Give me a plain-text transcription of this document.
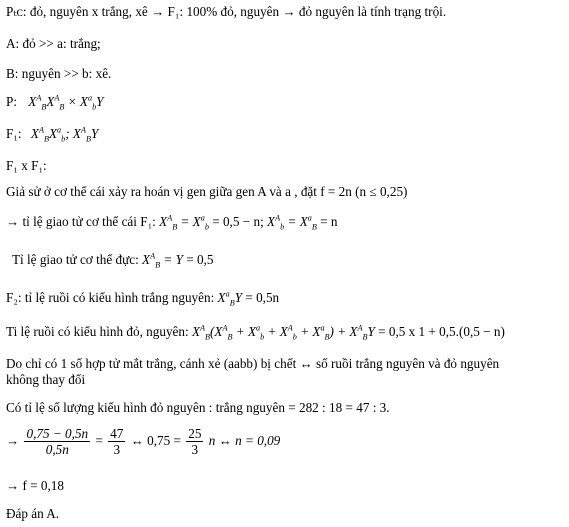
Pₜᴄ: đỏ, nguyên x trắng, xê → F₁: 100% đỏ, nguyên → đỏ nguyên là tính trạng trội.
A: đỏ >> a: trắng;
B: nguyên >> b: xê.
P: $X^A_BX^A_B \times X^a_bY$
F₁: $X^A_BX^a_b$; $X^A_BY$
F₁ x F₁:
Giả sử ở cơ thể cái xảy ra hoán vị gen giữa gen A và a , đặt f = 2n (n ≤ 0,25)
→ tỉ lệ giao tử cơ thể cái F₁: $X^A_B = X^a_b = 0,5 - n$; $X^A_b = X^a_B = n$
Tỉ lệ giao tử cơ thể đực: $X^A_B = Y = 0,5$
F₂: tỉ lệ ruồi có kiểu hình trắng nguyên: $X^a_BY = 0,5n$
Ti lệ ruồi có kiểu hình đỏ, nguyên: $X^A_B(X^A_B + X^a_b + X^A_b + X^a_B) + X^A_BY = 0,5$ x 1 + 0,5.(0,5 − n)
Do chỉ có 1 số hợp tử mắt trắng, cánh xẻ (aabb) bị chết ↔ số ruồi trắng nguyên và đỏ nguyên
không thay đổi
Có tỉ lệ số lượng kiểu hình đỏ nguyên : trắng nguyên = 282 : 18 = 47 : 3.
→ $\frac{0,75 - 0,5n}{0,5n} = \frac{47}{3}$ ↔ $0,75 = \frac{25}{3}$ n ↔ n = 0,09
→ f = 0,18
Đáp án A.
